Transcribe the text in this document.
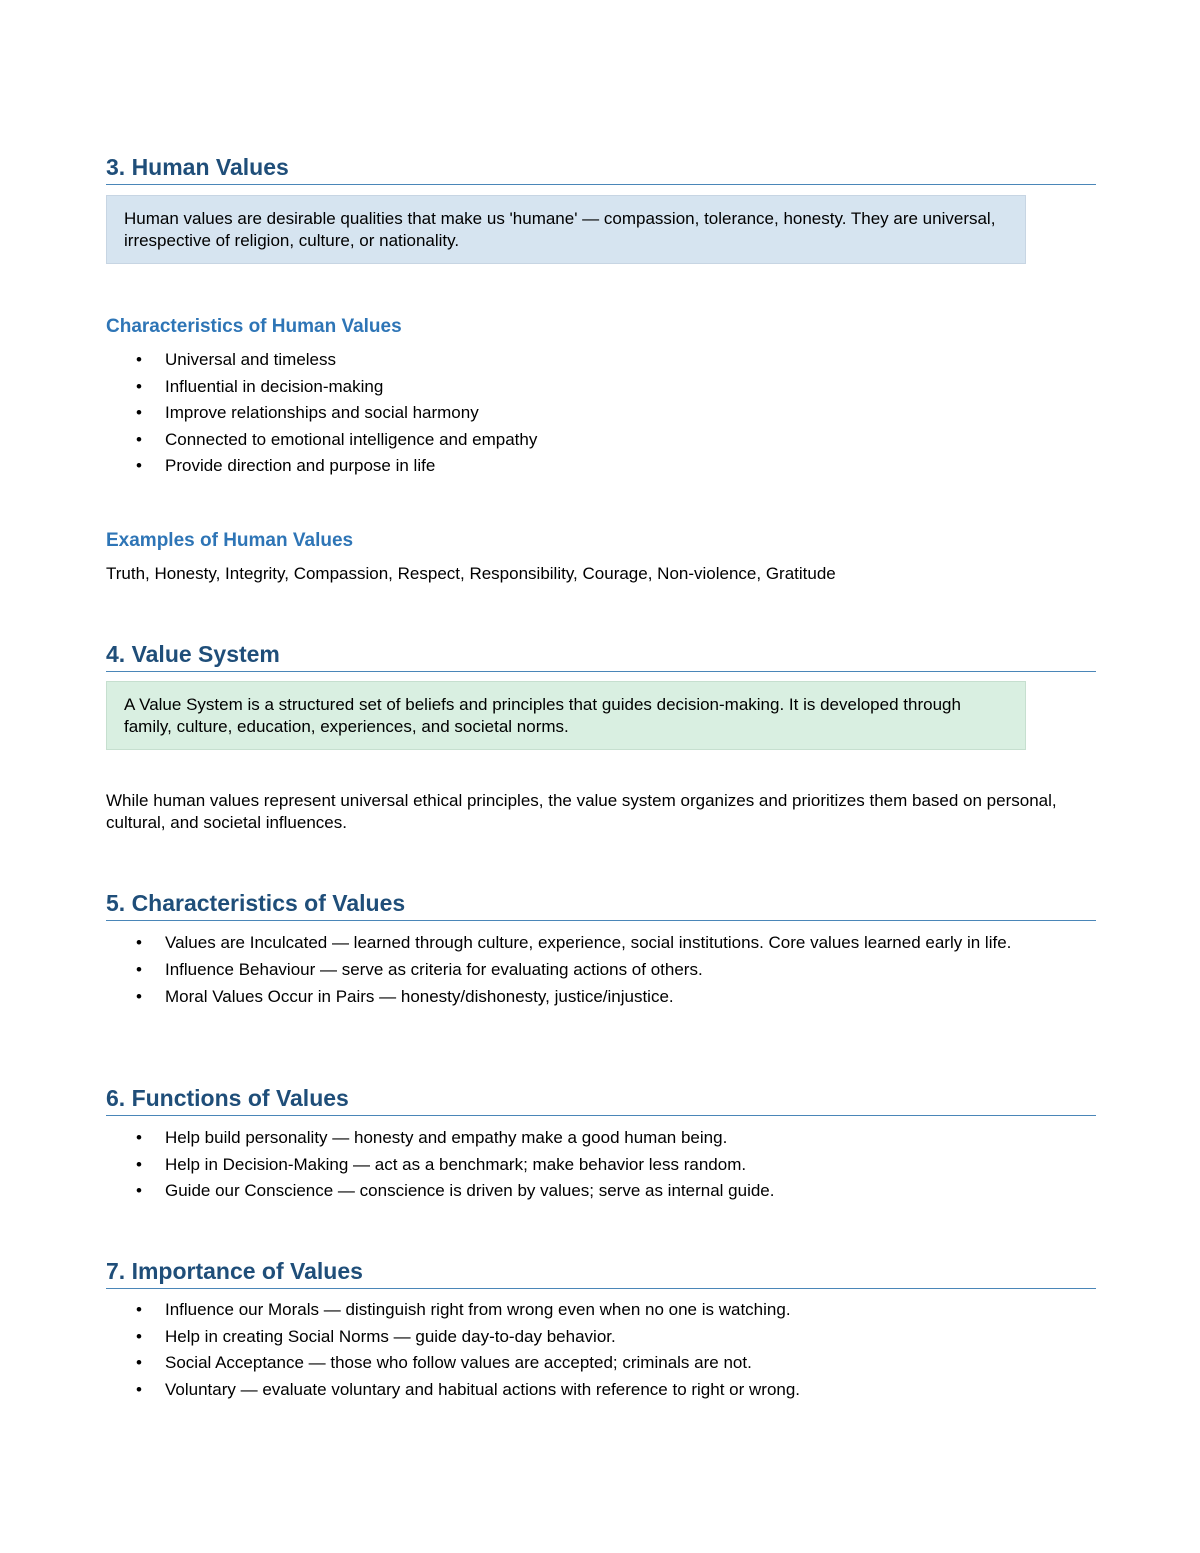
3. Human Values
Human values are desirable qualities that make us 'humane' — compassion, tolerance, honesty. They are universal, irrespective of religion, culture, or nationality.
Characteristics of Human Values
• Universal and timeless
• Influential in decision-making
• Improve relationships and social harmony
• Connected to emotional intelligence and empathy
• Provide direction and purpose in life
Examples of Human Values
Truth, Honesty, Integrity, Compassion, Respect, Responsibility, Courage, Non-violence, Gratitude
4. Value System
A Value System is a structured set of beliefs and principles that guides decision-making. It is developed through family, culture, education, experiences, and societal norms.
While human values represent universal ethical principles, the value system organizes and prioritizes them based on personal, cultural, and societal influences.
5. Characteristics of Values
• Values are Inculcated — learned through culture, experience, social institutions. Core values learned early in life.
• Influence Behaviour — serve as criteria for evaluating actions of others.
• Moral Values Occur in Pairs — honesty/dishonesty, justice/injustice.
6. Functions of Values
• Help build personality — honesty and empathy make a good human being.
• Help in Decision-Making — act as a benchmark; make behavior less random.
• Guide our Conscience — conscience is driven by values; serve as internal guide.
7. Importance of Values
• Influence our Morals — distinguish right from wrong even when no one is watching.
• Help in creating Social Norms — guide day-to-day behavior.
• Social Acceptance — those who follow values are accepted; criminals are not.
• Voluntary — evaluate voluntary and habitual actions with reference to right or wrong.
